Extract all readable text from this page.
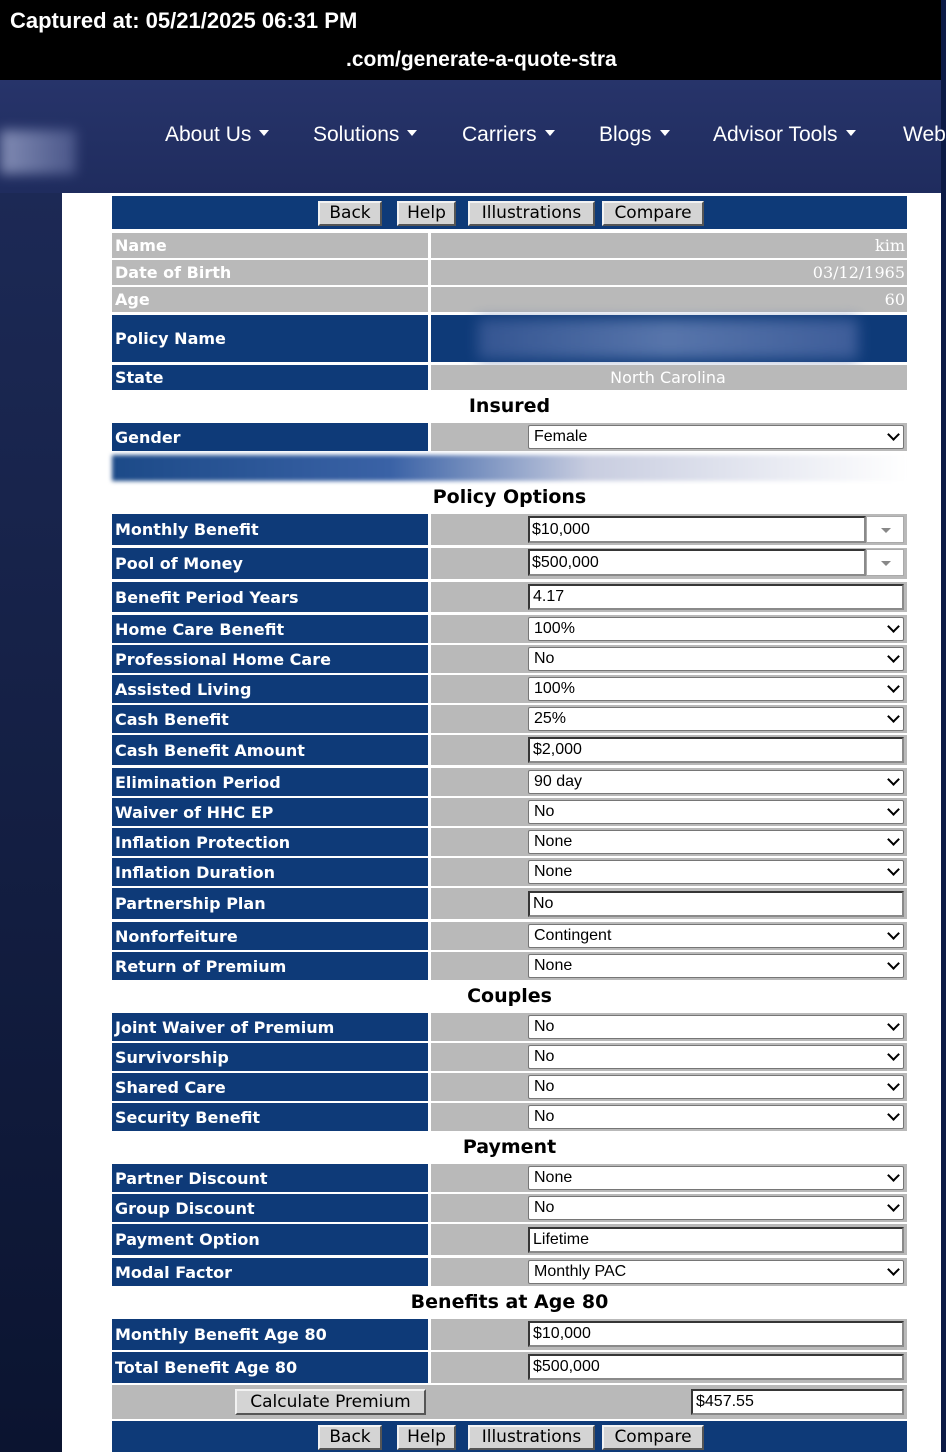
Captured at: 05/21/2025 06:31 PM
.com/generate-a-quote-stra
About Us	Solutions	Carriers	Blogs	Advisor Tools	Web
Back	Help	Illustrations	Compare
Name	kim
Date of Birth	03/12/1965
Age	60
Policy Name
State	North Carolina
Insured
Gender	Female
Policy Options
Monthly Benefit	$10,000
Pool of Money	$500,000
Benefit Period Years	4.17
Home Care Benefit	100%
Professional Home Care	No
Assisted Living	100%
Cash Benefit	25%
Cash Benefit Amount	$2,000
Elimination Period	90 day
Waiver of HHC EP	No
Inflation Protection	None
Inflation Duration	None
Partnership Plan	No
Nonforfeiture	Contingent
Return of Premium	None
Couples
Joint Waiver of Premium	No
Survivorship	No
Shared Care	No
Security Benefit	No
Payment
Partner Discount	None
Group Discount	No
Payment Option	Lifetime
Modal Factor	Monthly PAC
Benefits at Age 80
Monthly Benefit Age 80	$10,000
Total Benefit Age 80	$500,000
Calculate Premium	$457.55
Back	Help	Illustrations	Compare
